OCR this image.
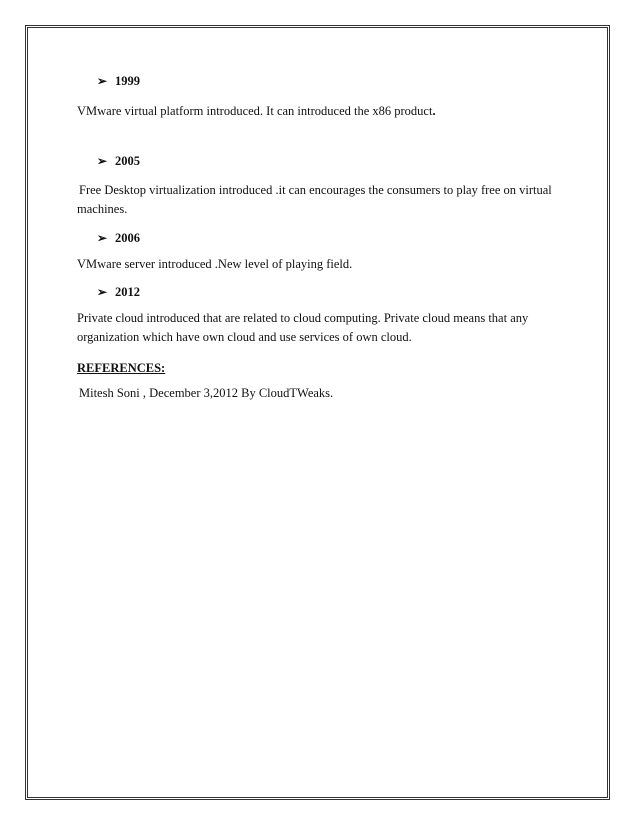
➢ 1999

VMware virtual platform introduced. It can introduced the x86 product.

➢ 2005

Free Desktop virtualization introduced .it can encourages the consumers to play free on virtual machines.

➢ 2006

VMware server introduced .New level of playing field.

➢ 2012

Private cloud introduced that are related to cloud computing. Private cloud means that any organization which have own cloud and use services of own cloud.

REFERENCES:

Mitesh Soni , December 3,2012 By CloudTWeaks.
